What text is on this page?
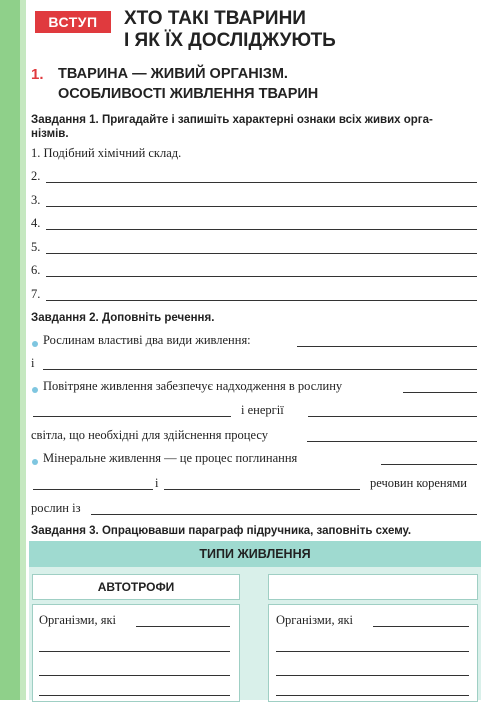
ВСТУП	ХТО ТАКІ ТВАРИНИ
І ЯК ЇХ ДОСЛІДЖУЮТЬ
1. ТВАРИНА — ЖИВИЙ ОРГАНІЗМ.
ОСОБЛИВОСТІ ЖИВЛЕННЯ ТВАРИН
Завдання 1. Пригадайте і запишіть характерні ознаки всіх живих орга-
нізмів.
1. Подібний хімічний склад.
2.
3.
4.
5.
6.
7.
Завдання 2. Доповніть речення.
Рослинам властиві два види живлення:
і
Повітряне живлення забезпечує надходження в рослину
і енергії
світла, що необхідні для здійснення процесу
Мінеральне живлення — це процес поглинання
і	речовин коренями
рослин із
Завдання 3. Опрацювавши параграф підручника, заповніть схему.
ТИПИ ЖИВЛЕННЯ
АВТОТРОФИ
Організми, які	Організми, які
